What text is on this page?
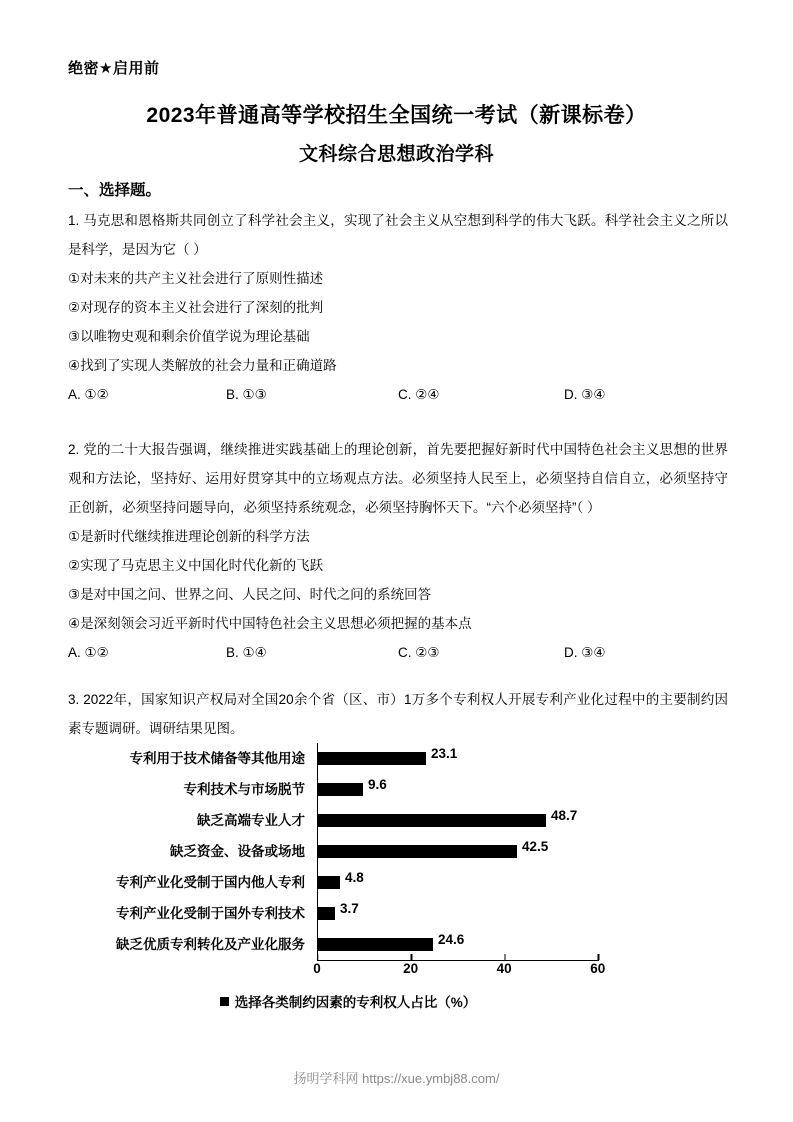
绝密★启用前
2023年普通高等学校招生全国统一考试（新课标卷）
文科综合思想政治学科
一、选择题。
1. 马克思和恩格斯共同创立了科学社会主义，实现了社会主义从空想到科学的伟大飞跃。科学社会主义之所以是科学，是因为它（ ）
①对未来的共产主义社会进行了原则性描述
②对现存的资本主义社会进行了深刻的批判
③以唯物史观和剩余价值学说为理论基础
④找到了实现人类解放的社会力量和正确道路
A. ①②	B. ①③	C. ②④	D. ③④
2. 党的二十大报告强调，继续推进实践基础上的理论创新，首先要把握好新时代中国特色社会主义思想的世界观和方法论，坚持好、运用好贯穿其中的立场观点方法。必须坚持人民至上，必须坚持自信自立，必须坚持守正创新，必须坚持问题导向，必须坚持系统观念，必须坚持胸怀天下。“六个必须坚持”（ ）
①是新时代继续推进理论创新的科学方法
②实现了马克思主义中国化时代化新的飞跃
③是对中国之问、世界之问、人民之问、时代之问的系统回答
④是深刻领会习近平新时代中国特色社会主义思想必须把握的基本点
A. ①②	B. ①④	C. ②③	D. ③④
3. 2022年，国家知识产权局对全国20余个省（区、市）1万多个专利权人开展专利产业化过程中的主要制约因素专题调研。调研结果见图。
专利用于技术储备等其他用途
专利技术与市场脱节
缺乏高端专业人才
缺乏资金、设备或场地
专利产业化受制于国内他人专利
专利产业化受制于国外专利技术
缺乏优质专利转化及产业化服务
23.1
9.6
48.7
42.5
4.8
3.7
24.6
0	20	40	60
选择各类制约因素的专利权人占比（%）
扬明学科网 https://xue.ymbj88.com/
